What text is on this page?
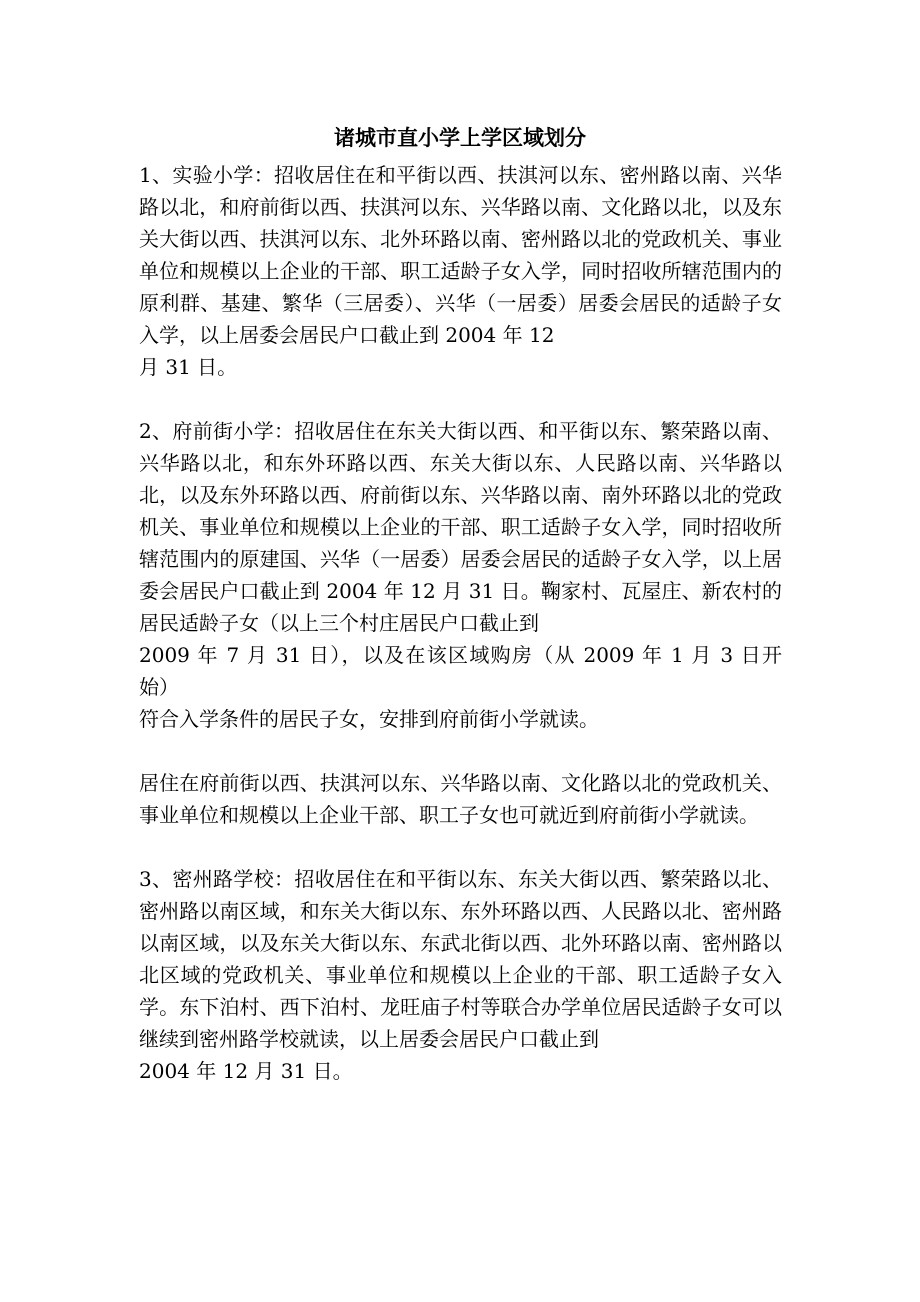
诸城市直小学上学区域划分

1、实验小学：招收居住在和平街以西、扶淇河以东、密州路以南、兴华路以北，和府前街以西、扶淇河以东、兴华路以南、文化路以北，以及东关大街以西、扶淇河以东、北外环路以南、密州路以北的党政机关、事业单位和规模以上企业的干部、职工适龄子女入学，同时招收所辖范围内的原利群、基建、繁华（三居委）、兴华（一居委）居委会居民的适龄子女入学，以上居委会居民户口截止到 2004 年 12
月 31 日。

2、府前街小学：招收居住在东关大街以西、和平街以东、繁荣路以南、兴华路以北，和东外环路以西、东关大街以东、人民路以南、兴华路以北，以及东外环路以西、府前街以东、兴华路以南、南外环路以北的党政机关、事业单位和规模以上企业的干部、职工适龄子女入学，同时招收所辖范围内的原建国、兴华（一居委）居委会居民的适龄子女入学，以上居委会居民户口截止到 2004 年 12 月 31 日。鞠家村、瓦屋庄、新农村的居民适龄子女（以上三个村庄居民户口截止到
2009 年 7 月 31 日），以及在该区域购房（从 2009 年 1 月 3 日开始）
符合入学条件的居民子女，安排到府前街小学就读。

居住在府前街以西、扶淇河以东、兴华路以南、文化路以北的党政机关、事业单位和规模以上企业干部、职工子女也可就近到府前街小学就读。

3、密州路学校：招收居住在和平街以东、东关大街以西、繁荣路以北、密州路以南区域，和东关大街以东、东外环路以西、人民路以北、密州路以南区域，以及东关大街以东、东武北街以西、北外环路以南、密州路以北区域的党政机关、事业单位和规模以上企业的干部、职工适龄子女入学。东下泊村、西下泊村、龙旺庙子村等联合办学单位居民适龄子女可以继续到密州路学校就读，以上居委会居民户口截止到
2004 年 12 月 31 日。
